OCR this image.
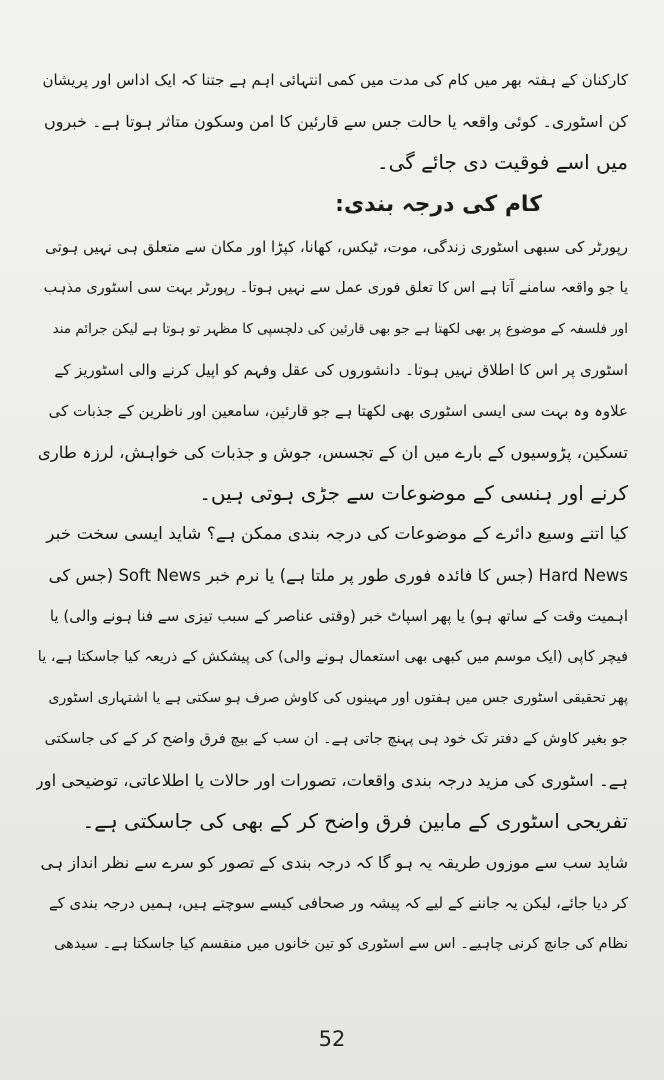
کارکنان کے ہفتہ بھر میں کام کی مدت میں کمی انتہائی اہم ہے جتنا کہ ایک اداس اور پریشان
کن اسٹوری۔ کوئی واقعہ یا حالت جس سے قارئین کا امن وسکون متاثر ہوتا ہے۔ خبروں
میں اسے فوقیت دی جائے گی۔
کام کی درجہ بندی:
رپورٹر کی سبھی اسٹوری زندگی، موت، ٹیکس، کھانا، کپڑا اور مکان سے متعلق ہی نہیں ہوتی
یا جو واقعہ سامنے آتا ہے اس کا تعلق فوری عمل سے نہیں ہوتا۔ رپورٹر بہت سی اسٹوری مذہب
اور فلسفہ کے موضوع پر بھی لکھتا ہے جو بھی قارئین کی دلچسپی کا مظہر تو ہوتا ہے لیکن جرائم مند
اسٹوری پر اس کا اطلاق نہیں ہوتا۔ دانشوروں کی عقل وفہم کو اپیل کرنے والی اسٹوریز کے
علاوہ وہ بہت سی ایسی اسٹوری بھی لکھتا ہے جو قارئین، سامعین اور ناظرین کے جذبات کی
تسکین، پڑوسیوں کے بارے میں ان کے تجسس، جوش و جذبات کی خواہش، لرزہ طاری
کرنے اور ہنسی کے موضوعات سے جڑی ہوتی ہیں۔
کیا اتنے وسیع دائرے کے موضوعات کی درجہ بندی ممکن ہے؟ شاید ایسی سخت خبر
Hard News (جس کا فائدہ فوری طور پر ملتا ہے) یا نرم خبر Soft News (جس کی
اہمیت وقت کے ساتھ ہو) یا پھر اسپاٹ خبر (وقتی عناصر کے سبب تیزی سے فنا ہونے والی) یا
فیچر کاپی (ایک موسم میں کبھی بھی استعمال ہونے والی) کی پیشکش کے ذریعہ کیا جاسکتا ہے، یا
پھر تحقیقی اسٹوری جس میں ہفتوں اور مہینوں کی کاوش صرف ہو سکتی ہے یا اشتہاری اسٹوری
جو بغیر کاوش کے دفتر تک خود ہی پہنچ جاتی ہے۔ ان سب کے بیچ فرق واضح کر کے کی جاسکتی
ہے۔ اسٹوری کی مزید درجہ بندی واقعات، تصورات اور حالات یا اطلاعاتی، توضیحی اور
تفریحی اسٹوری کے مابین فرق واضح کر کے بھی کی جاسکتی ہے۔
شاید سب سے موزوں طریقہ یہ ہو گا کہ درجہ بندی کے تصور کو سرے سے نظر انداز ہی
کر دیا جائے، لیکن یہ جاننے کے لیے کہ پیشہ ور صحافی کیسے سوچتے ہیں، ہمیں درجہ بندی کے
نظام کی جانچ کرنی چاہیے۔ اس سے اسٹوری کو تین خانوں میں منقسم کیا جاسکتا ہے۔ سیدھی
52
